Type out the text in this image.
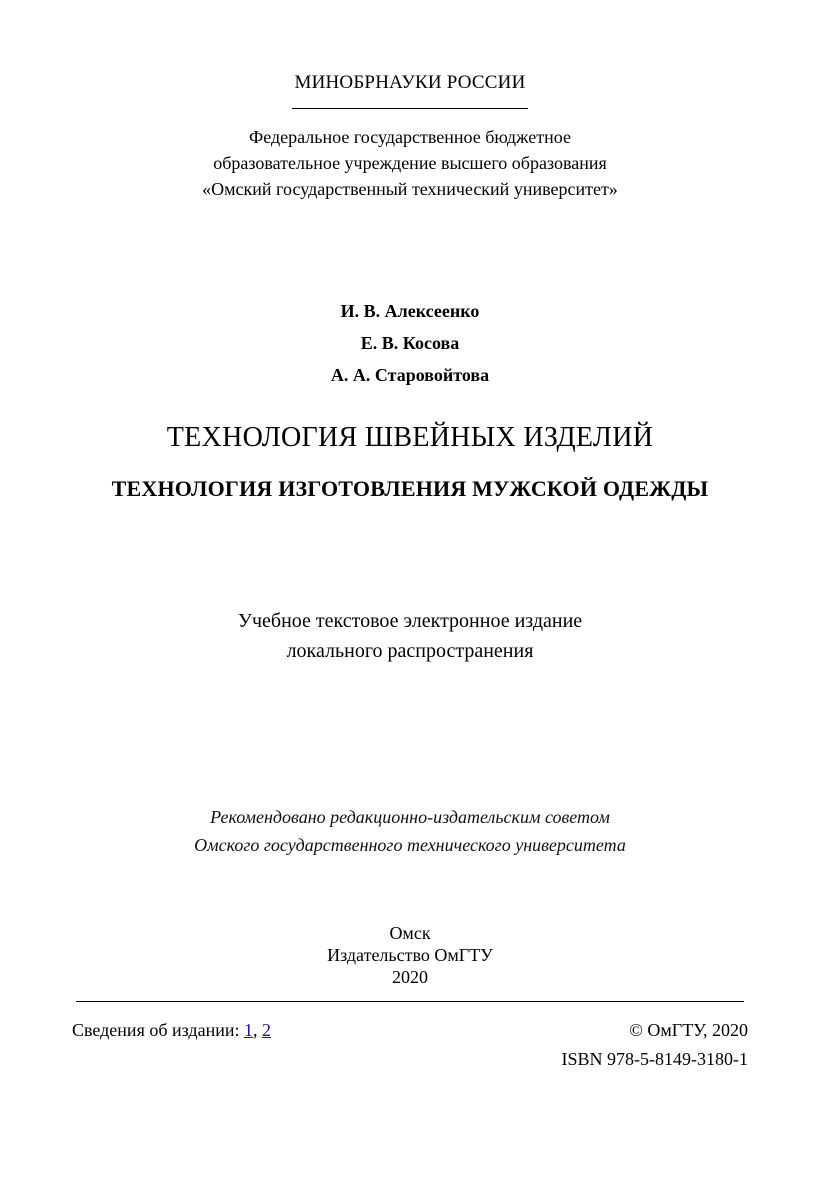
МИНОБРНАУКИ РОССИИ
Федеральное государственное бюджетное
образовательное учреждение высшего образования
«Омский государственный технический университет»
И. В. Алексеенко
Е. В. Косова
А. А. Старовойтова
ТЕХНОЛОГИЯ ШВЕЙНЫХ ИЗДЕЛИЙ
ТЕХНОЛОГИЯ ИЗГОТОВЛЕНИЯ МУЖСКОЙ ОДЕЖДЫ
Учебное текстовое электронное издание
локального распространения
Рекомендовано редакционно-издательским советом
Омского государственного технического университета
Омск
Издательство ОмГТУ
2020
Сведения об издании: 1, 2	© ОмГТУ, 2020
ISBN 978-5-8149-3180-1
